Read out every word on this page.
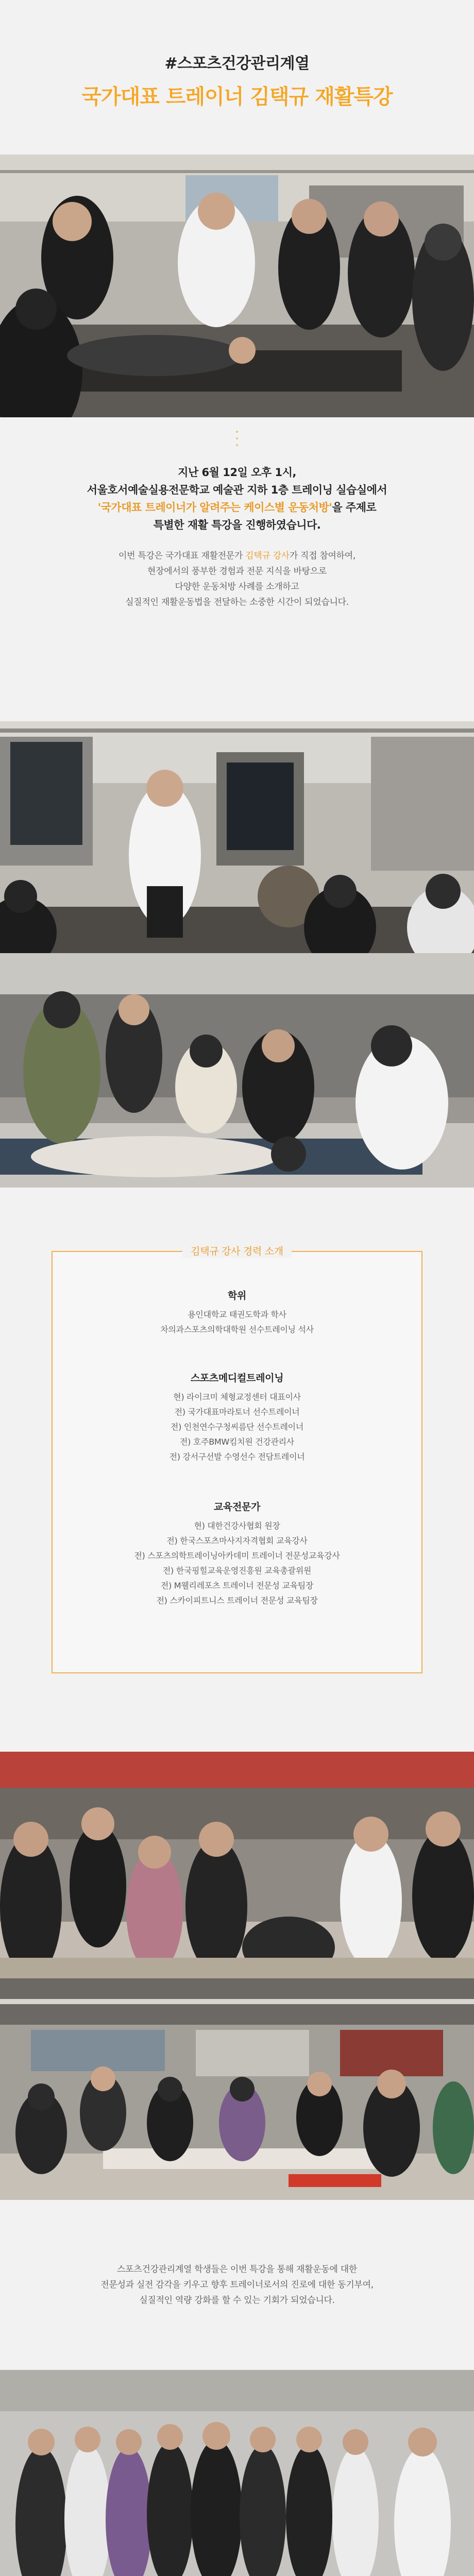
#스포츠건강관리계열
국가대표 트레이너 김택규 재활특강
지난 6월 12일 오후 1시,
서울호서예술실용전문학교 예술관 지하 1층 트레이닝 실습실에서
'국가대표 트레이너가 알려주는 케이스별 운동처방'을 주제로
특별한 재활 특강을 진행하였습니다.
이번 특강은 국가대표 재활전문가 김택규 강사가 직접 참여하여,
현장에서의 풍부한 경험과 전문 지식을 바탕으로
다양한 운동처방 사례를 소개하고
실질적인 재활운동법을 전달하는 소중한 시간이 되었습니다.
김택규 강사 경력 소개
학위

용인대학교 태권도학과 학사

차의과스포츠의학대학원 선수트레이닝 석사

스포츠메디컬트레이닝

현) 라이크미 체형교정센터 대표이사

전) 국가대표마라토너 선수트레이너

전) 인천연수구청씨름단 선수트레이너

전) 호주BMW킴치원 건강관리사

전) 강서구선발 수영선수 전담트레이너

교육전문가

현) 대한건강사협회 원장

전) 한국스포츠마사지자격협회 교육강사

전) 스포츠의학트레이닝아카데미 트레이너 전문성교육강사

전) 한국핑힐교육운영진흥원 교육총괄위원

전) M웰리레포츠 트레이너 전문성 교육팀장

전) 스카이피트니스 트레이너 전문성 교육팀장

스포츠건강관리계열 학생들은 이번 특강을 통해 재활운동에 대한
전문성과 실전 감각을 키우고 향후 트레이너로서의 진로에 대한 동기부여,
실질적인 역량 강화를 할 수 있는 기회가 되었습니다.
